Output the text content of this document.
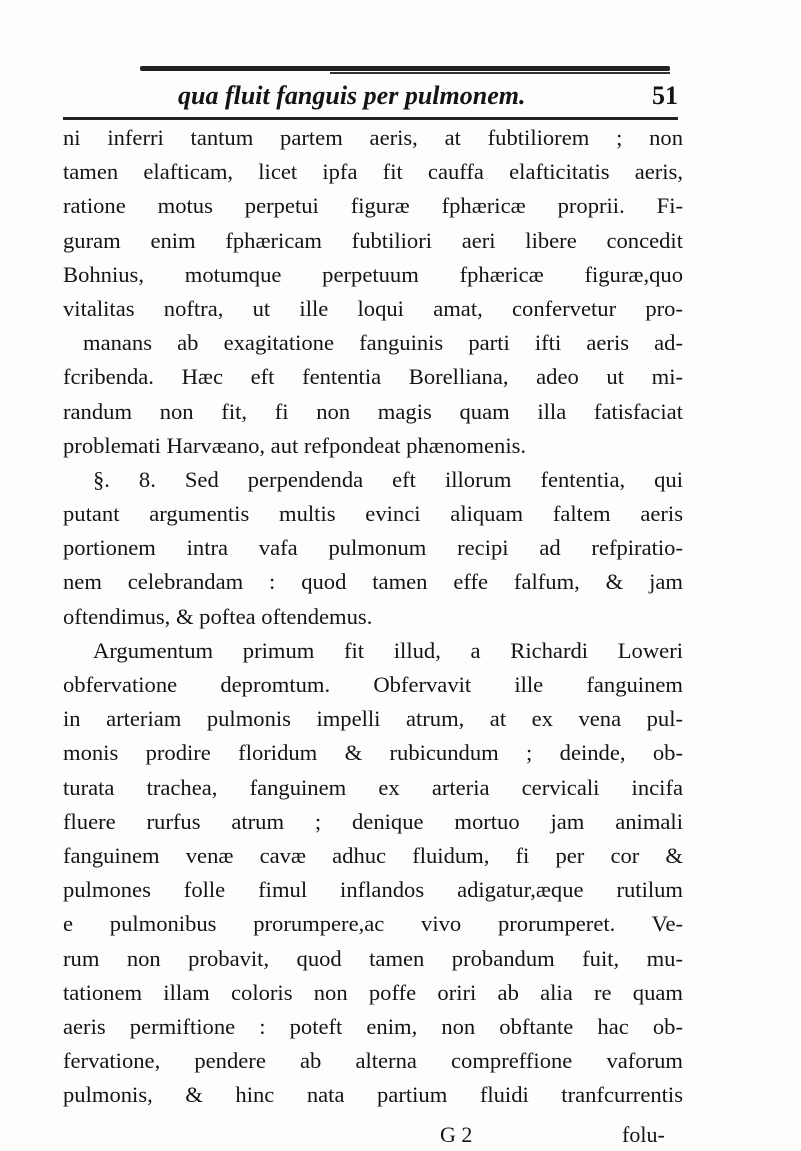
qua fluit fanguis per pulmonem.	51
ni inferri tantum partem aeris, at fubtiliorem ; non
tamen elafticam, licet ipfa fit cauffa elafticitatis aeris,
ratione motus perpetui figuræ fphæricæ proprii. Fi-
guram enim fphæricam fubtiliori aeri libere concedit
Bohnius, motumque perpetuum fphæricæ figuræ,quo
vitalitas noftra, ut ille loqui amat, confervetur pro-
manans ab exagitatione fanguinis parti ifti aeris ad-
fcribenda. Hæc eft fententia Borelliana, adeo ut mi-
randum non fit, fi non magis quam illa fatisfaciat
problemati Harvæano, aut refpondeat phænomenis.
§. 8. Sed perpendenda eft illorum fententia, qui
putant argumentis multis evinci aliquam faltem aeris
portionem intra vafa pulmonum recipi ad refpiratio-
nem celebrandam : quod tamen effe falfum, & jam
oftendimus, & poftea oftendemus.
Argumentum primum fit illud, a Richardi Loweri
obfervatione depromtum. Obfervavit ille fanguinem
in arteriam pulmonis impelli atrum, at ex vena pul-
monis prodire floridum & rubicundum ; deinde, ob-
turata trachea, fanguinem ex arteria cervicali incifa
fluere rurfus atrum ; denique mortuo jam animali
fanguinem venæ cavæ adhuc fluidum, fi per cor &
pulmones folle fimul inflandos adigatur,æque rutilum
e pulmonibus prorumpere,ac vivo prorumperet. Ve-
rum non probavit, quod tamen probandum fuit, mu-
tationem illam coloris non poffe oriri ab alia re quam
aeris permiftione : poteft enim, non obftante hac ob-
fervatione, pendere ab alterna compreffione vaforum
pulmonis, & hinc nata partium fluidi tranfcurrentis
G 2	folu-
